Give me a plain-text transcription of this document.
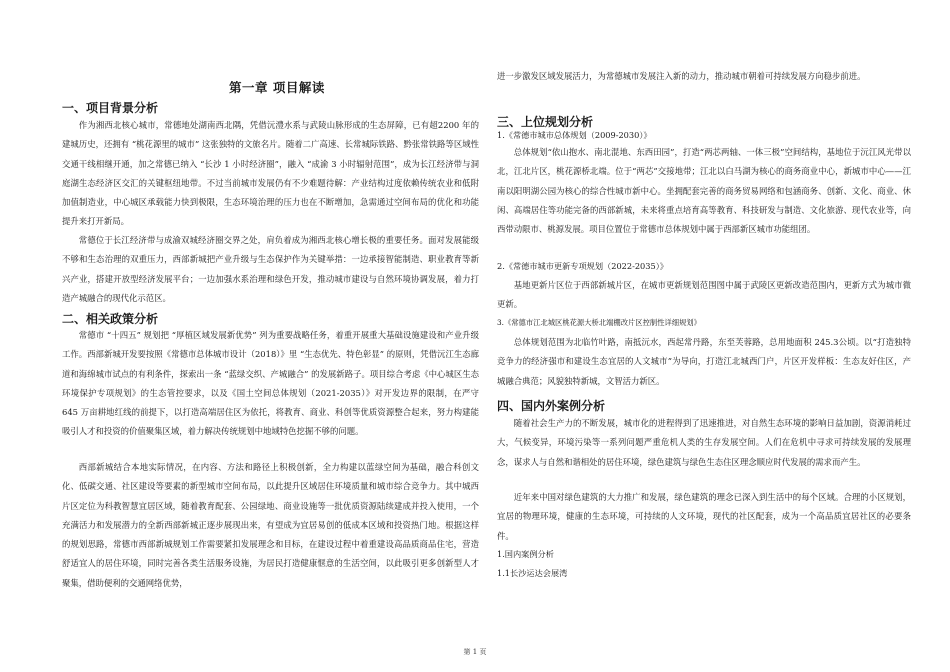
第一章 项目解读
一、项目背景分析

作为湘西北核心城市，常德地处湖南西北隅，凭借沅澧水系与武陵山脉形成的生态屏障，已有超2200 年的建城历史，还拥有 “桃花源里的城市” 这张独特的文旅名片。随着二广高速、长常城际铁路、黔张常铁路等区域性交通干线相继开通，加之常德已纳入 “长沙 1 小时经济圈”，融入 “成渝 3 小时辐射范围”，成为长江经济带与洞庭湖生态经济区交汇的关键枢纽地带。不过当前城市发展仍有不少难题待解：产业结构过度依赖传统农业和低附加值制造业，中心城区承载能力快到极限，生态环境治理的压力也在不断增加，急需通过空间布局的优化和功能提升来打开新局。

常德位于长江经济带与成渝双城经济圈交界之处，肩负着成为湘西北核心增长极的重要任务。面对发展能级不够和生态治理的双重压力，西部新城把产业升级与生态保护作为关键举措：一边承接智能制造、职业教育等新兴产业，搭建开放型经济发展平台；一边加强水系治理和绿色开发，推动城市建设与自然环境协调发展，着力打造产城融合的现代化示范区。

二、相关政策分析

常德市 “十四五” 规划把 “厚植区域发展新优势” 列为重要战略任务，着重开展重大基础设施建设和产业升级工作。西部新城开发要按照《常德市总体城市设计（2018）》里 “生态优先、特色彰显” 的原则，凭借沅江生态廊道和海绵城市试点的有利条件，探索出一条 “蓝绿交织、产城融合” 的发展新路子。项目综合考虑《中心城区生态环境保护专项规划》的生态管控要求，以及《国土空间总体规划（2021-2035）》对开发边界的限制，在严守 645 万亩耕地红线的前提下，以打造高端居住区为依托，将教育、商业、科创等优质资源整合起来，努力构建能吸引人才和投资的价值聚集区域，着力解决传统规划中地域特色挖掘不够的问题。

西部新城结合本地实际情况，在内容、方法和路径上积极创新，全力构建以蓝绿空间为基础，融合科创文化、低碳交通、社区建设等要素的新型城市空间布局，以此提升区域居住环境质量和城市综合竞争力。其中城西片区定位为科教智慧宜居区域，随着教育配套、公园绿地、商业设施等一批优质资源陆续建成并投入使用，一个充满活力和发展潜力的全新西部新城正逐步展现出来，有望成为宜居易创的低成本区域和投资热门地。根据这样的规划思路，常德市西部新城规划工作需要紧扣发展理念和目标，在建设过程中着重建设高品质商品住宅，营造舒适宜人的居住环境，同时完善各类生活服务设施，为居民打造健康惬意的生活空间，以此吸引更多创新型人才聚集，借助便利的交通网络优势，

进一步激发区域发展活力，为常德城市发展注入新的动力，推动城市朝着可持续发展方向稳步前进。

三、上位规划分析
1.《常德市城市总体规划（2009-2030）》

总体规划“依山抱水、南北混地、东西田园”，打造“两芯两轴、一体三极”空间结构，基地位于沅江风光带以北，江北片区，桃花源桥北端。位于“两芯”交接地带；江北以白马湖为核心的商务商业中心，新城市中心——江南以阳明湖公园为核心的综合性城市新中心。坐拥配套完善的商务贸易网络和包涵商务、创新、文化、商业、休闲、高端居住等功能完备的西部新城，未来将重点培育高等教育、科技研发与制造、文化旅游、现代农业等，向西带动限市、桃源发展。项目位置位于常德市总体规划中属于西部新区城市功能组团。

2.《常德市城市更新专项规划（2022-2035）》

基地更新片区位于西部新城片区，在城市更新规划范围图中属于武陵区更新改造范围内，更新方式为城市微更新。

3.《常德市江北城区桃花源大桥北端棚改片区控制性详细规划》

总体规划范围为北临竹叶路，南抵沅水，西起常丹路，东至芙蓉路，总用地面积 245.3公顷。以“打造独特竞争力的经济强市和建设生态宜居的人文城市”为导向，打造江北城西门户，片区开发样板：生态友好住区，产城融合典范；风貌独特新城，文智活力新区。

四、国内外案例分析

随着社会生产力的不断发展，城市化的进程得到了迅速推进，对自然生态环境的影响日益加剧，资源消耗过大，气候变异，环境污染等一系列问题严重危机人类的生存发展空间。人们在危机中寻求可持续发展的发展理念，谋求人与自然和谐相处的居住环境，绿色建筑与绿色生态住区理念顺应时代发展的需求而产生。

近年来中国对绿色建筑的大力推广和发展，绿色建筑的理念已深入到生活中的每个区域。合理的小区规划，宜居的物理环境，健康的生态环境，可持续的人文环境，现代的社区配套，成为一个高品质宜居社区的必要条件。

1.国内案例分析
1.1长沙运达会展湾
第 1 页
